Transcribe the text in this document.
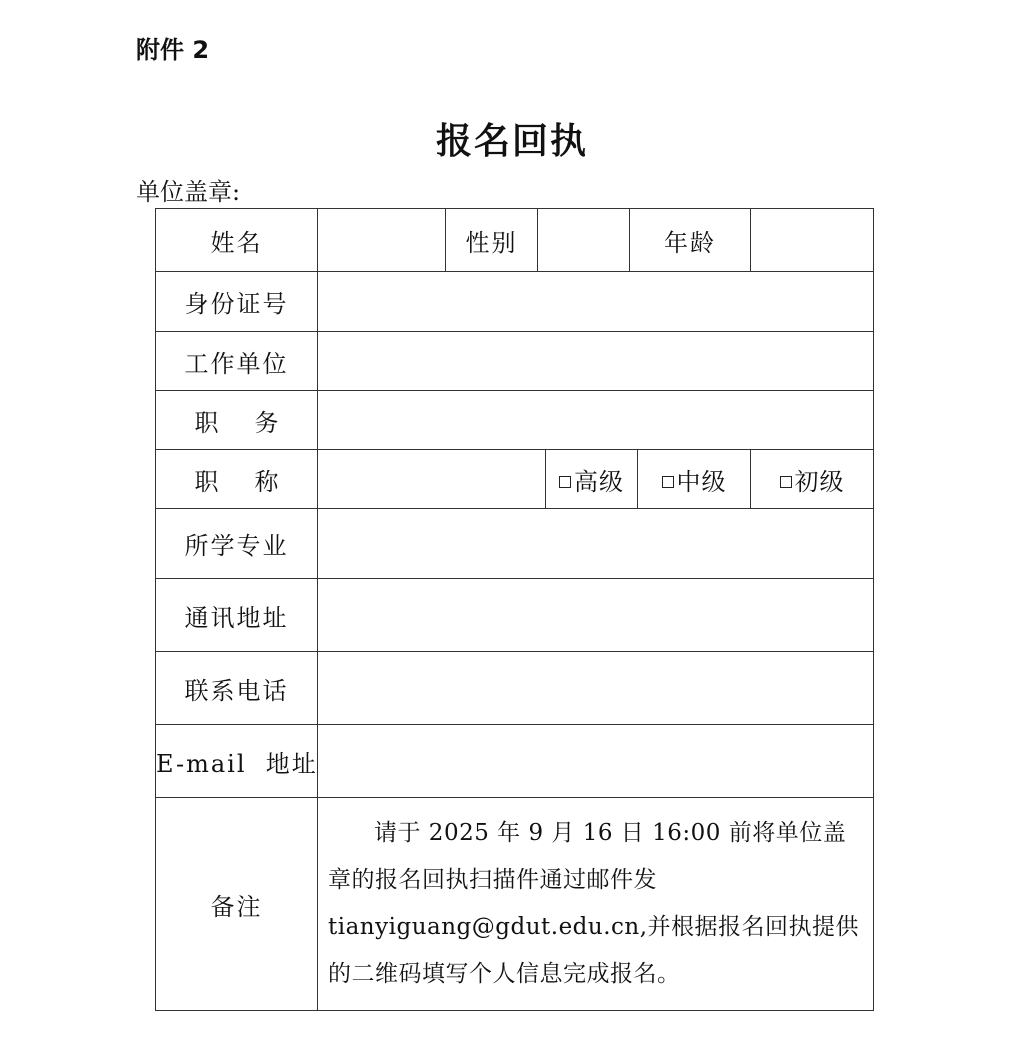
附件 2
报名回执
单位盖章:
姓名		性别			年龄		
身份证号							
工作单位							
职 务							
职 称				高级		中级	初级
所学专业							
通讯地址							
联系电话							
E-mail  地址							
备注	请于 2025 年 9 月 16 日 16:00 前将单位盖章的报名回执扫描件通过邮件发 tianyiguang@gdut.edu.cn,并根据报名回执提供的二维码填写个人信息完成报名。						
